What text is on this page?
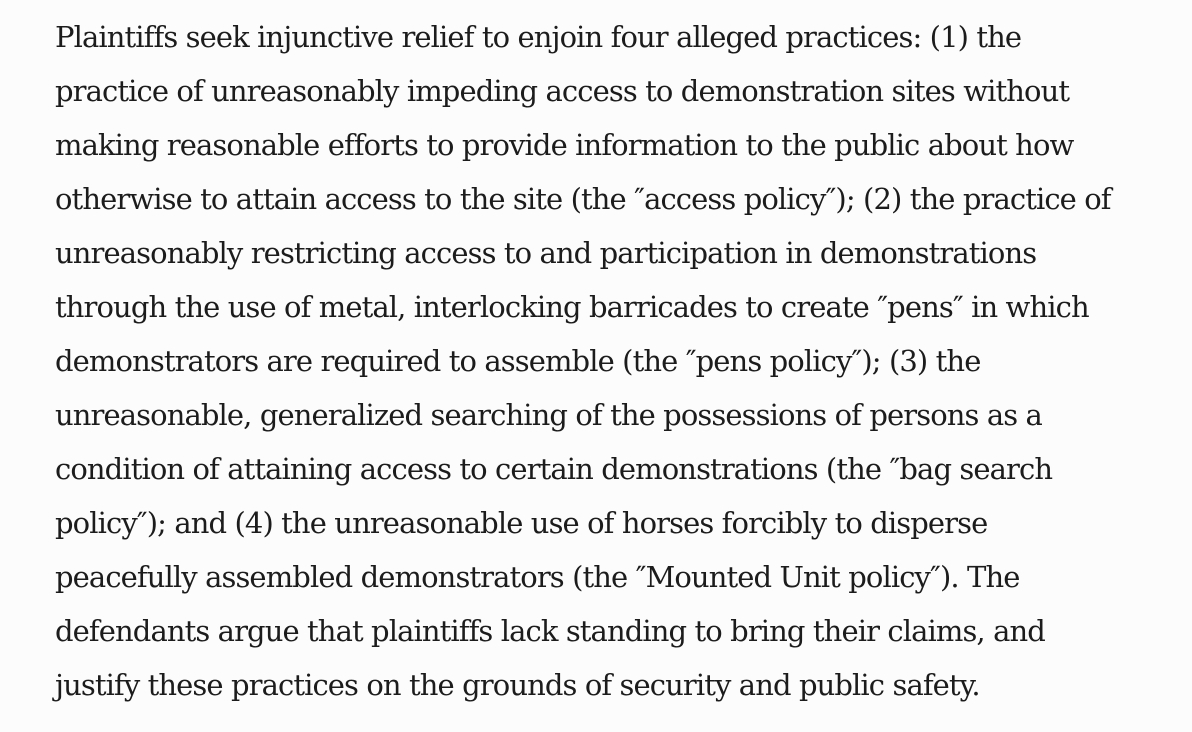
Plaintiffs seek injunctive relief to enjoin four alleged practices: (1) the
practice of unreasonably impeding access to demonstration sites without
making reasonable efforts to provide information to the public about how
otherwise to attain access to the site (the ″access policy″); (2) the practice of
unreasonably restricting access to and participation in demonstrations
through the use of metal, interlocking barricades to create ″pens″ in which
demonstrators are required to assemble (the ″pens policy″); (3) the
unreasonable, generalized searching of the possessions of persons as a
condition of attaining access to certain demonstrations (the ″bag search
policy″); and (4) the unreasonable use of horses forcibly to disperse
peacefully assembled demonstrators (the ″Mounted Unit policy″). The
defendants argue that plaintiffs lack standing to bring their claims, and
justify these practices on the grounds of security and public safety.
